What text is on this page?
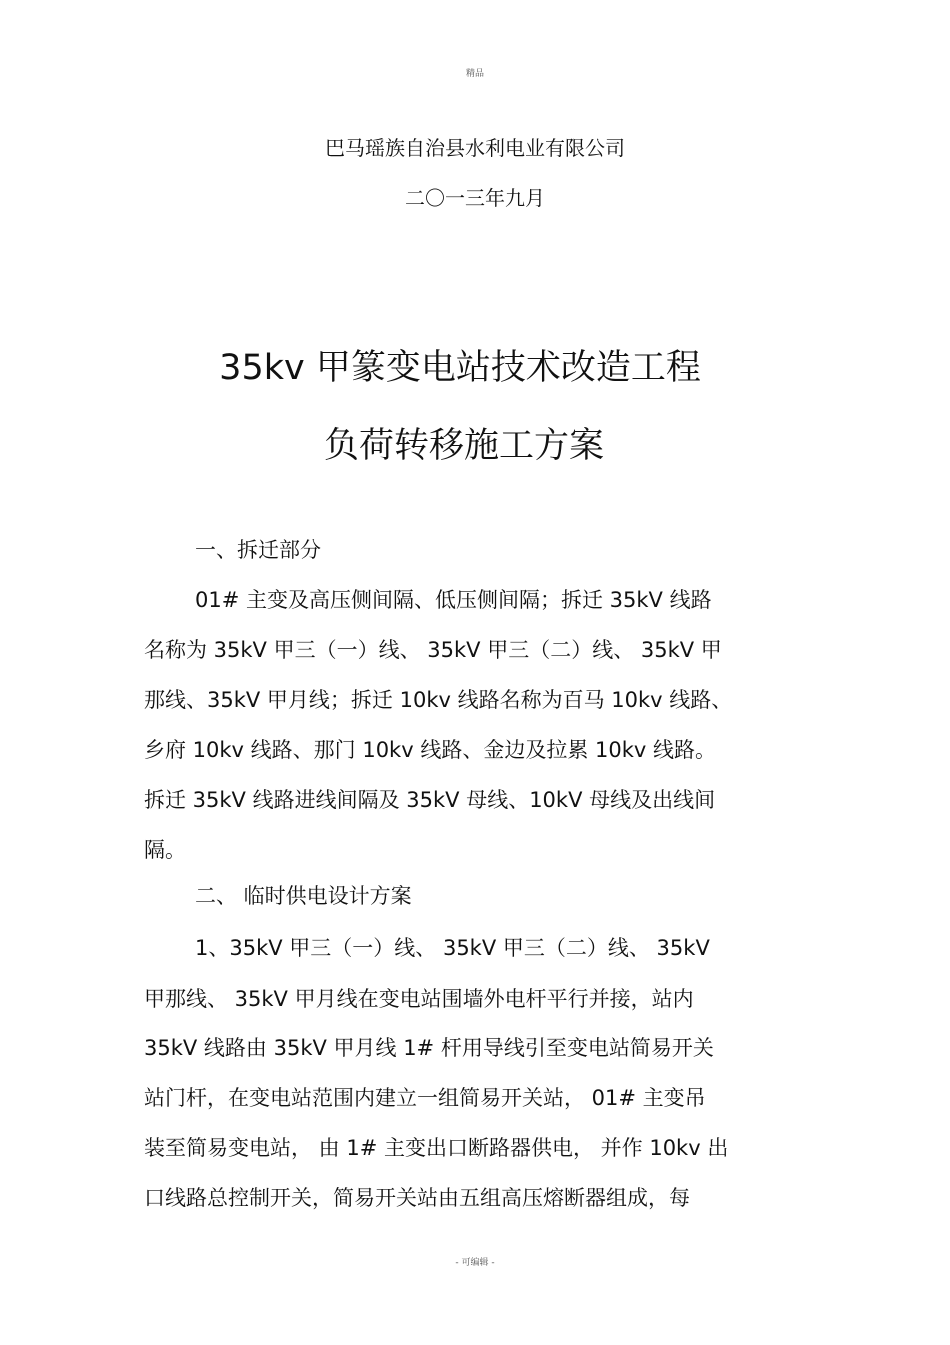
精品
巴马瑶族自治县水利电业有限公司
二〇一三年九月
35kv 甲篆变电站技术改造工程
负荷转移施工方案
一、拆迁部分
01# 主变及高压侧间隔、低压侧间隔；拆迁 35kV 线路
名称为 35kV 甲三（一）线、 35kV 甲三（二）线、 35kV 甲
那线、35kV 甲月线；拆迁 10kv 线路名称为百马 10kv 线路、
乡府 10kv 线路、那门 10kv 线路、金边及拉累 10kv 线路。
拆迁 35kV 线路进线间隔及 35kV 母线、10kV 母线及出线间
隔。
二、 临时供电设计方案
1、35kV 甲三（一）线、 35kV 甲三（二）线、 35kV
甲那线、 35kV 甲月线在变电站围墙外电杆平行并接，站内
35kV 线路由 35kV 甲月线 1# 杆用导线引至变电站简易开关
站门杆，在变电站范围内建立一组简易开关站， 01# 主变吊
装至简易变电站， 由 1# 主变出口断路器供电， 并作 10kv 出
口线路总控制开关，简易开关站由五组高压熔断器组成，每
- 可编辑 -
